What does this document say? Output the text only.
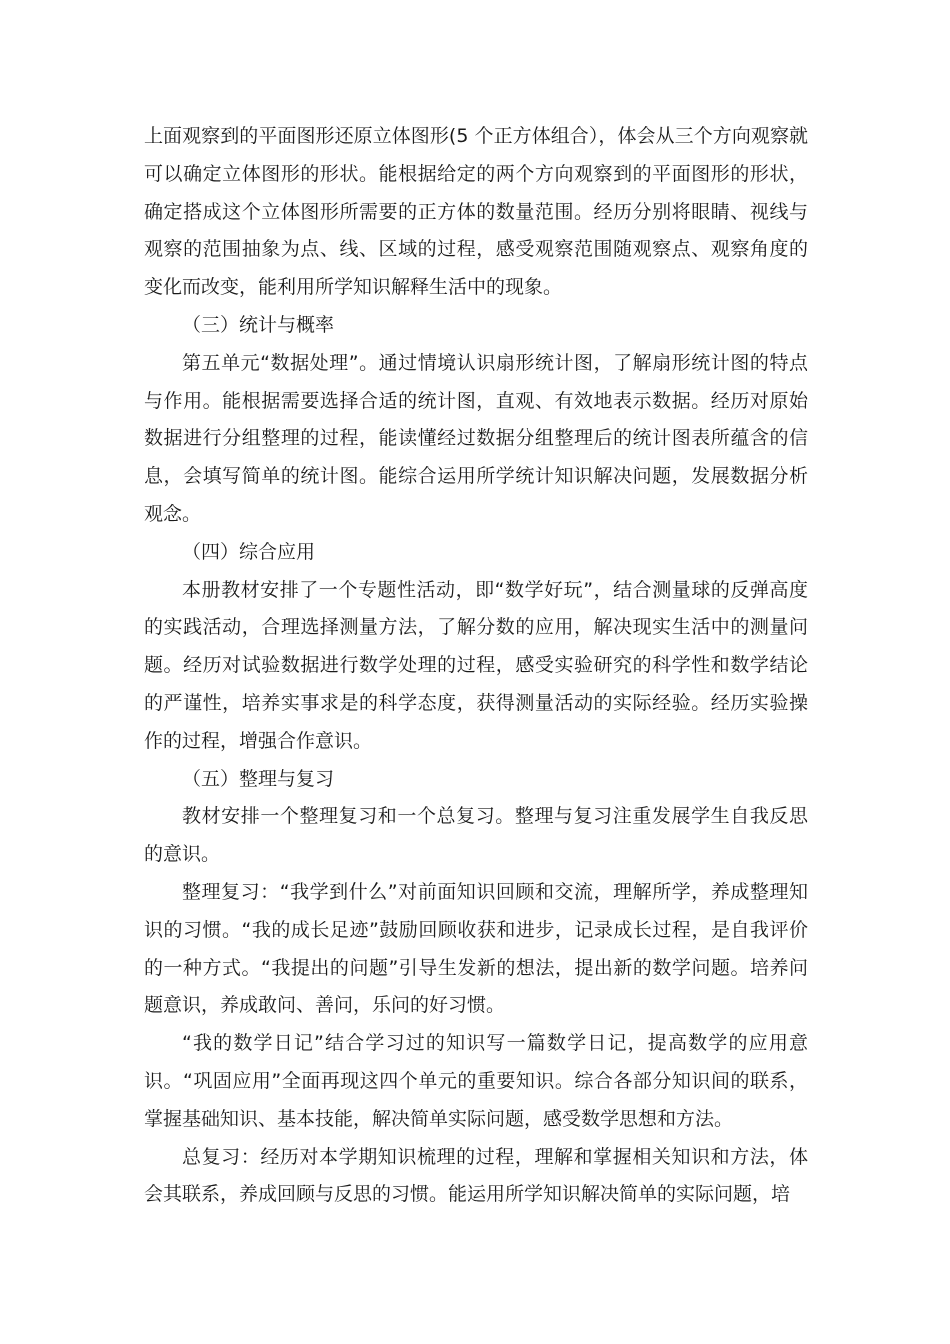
上面观察到的平面图形还原立体图形(5 个正方体组合），体会从三个方向观察就可以确定立体图形的形状。能根据给定的两个方向观察到的平面图形的形状，确定搭成这个立体图形所需要的正方体的数量范围。经历分别将眼睛、视线与观察的范围抽象为点、线、区域的过程，感受观察范围随观察点、观察角度的变化而改变，能利用所学知识解释生活中的现象。

（三）统计与概率

第五单元“数据处理”。通过情境认识扇形统计图，了解扇形统计图的特点与作用。能根据需要选择合适的统计图，直观、有效地表示数据。经历对原始数据进行分组整理的过程，能读懂经过数据分组整理后的统计图表所蕴含的信息，会填写简单的统计图。能综合运用所学统计知识解决问题，发展数据分析观念。

（四）综合应用

本册教材安排了一个专题性活动，即“数学好玩”，结合测量球的反弹高度的实践活动，合理选择测量方法，了解分数的应用，解决现实生活中的测量问题。经历对试验数据进行数学处理的过程，感受实验研究的科学性和数学结论的严谨性，培养实事求是的科学态度，获得测量活动的实际经验。经历实验操作的过程，增强合作意识。

（五）整理与复习

教材安排一个整理复习和一个总复习。整理与复习注重发展学生自我反思的意识。

整理复习：“我学到什么”对前面知识回顾和交流，理解所学，养成整理知识的习惯。“我的成长足迹”鼓励回顾收获和进步，记录成长过程，是自我评价的一种方式。“我提出的问题”引导生发新的想法，提出新的数学问题。培养问题意识，养成敢问、善问，乐问的好习惯。

“我的数学日记”结合学习过的知识写一篇数学日记，提高数学的应用意识。“巩固应用”全面再现这四个单元的重要知识。综合各部分知识间的联系，掌握基础知识、基本技能，解决简单实际问题，感受数学思想和方法。

总复习：经历对本学期知识梳理的过程，理解和掌握相关知识和方法，体会其联系，养成回顾与反思的习惯。能运用所学知识解决简单的实际问题，培
